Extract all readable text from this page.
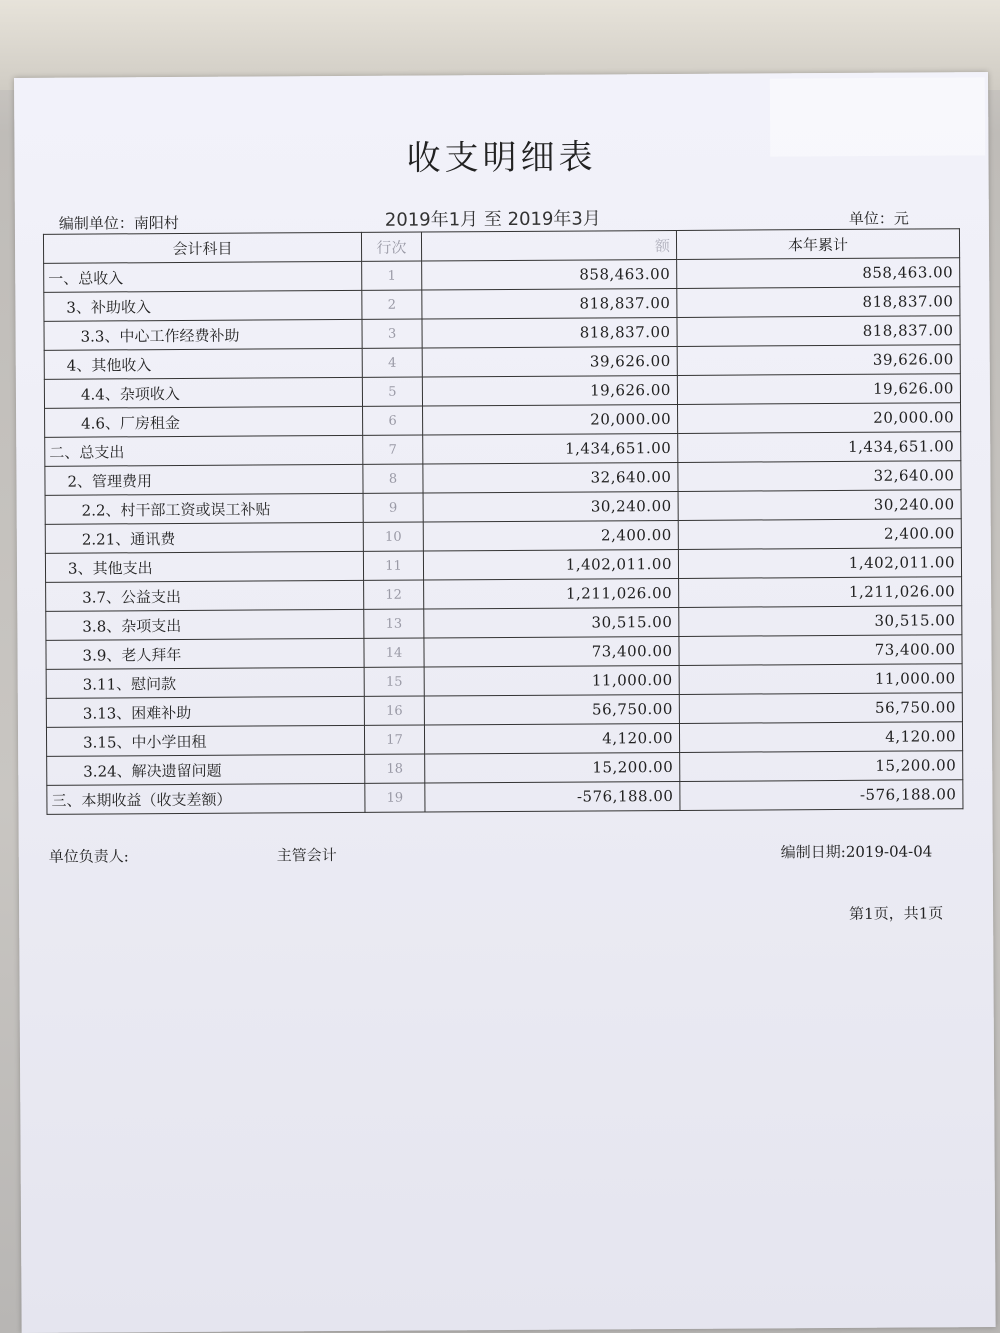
收支明细表
编制单位：南阳村	2019年1月 至 2019年3月	单位：元
会计科目	行次	额	本年累计
一、总收入	1	858,463.00	858,463.00
3、补助收入	2	818,837.00	818,837.00
3.3、中心工作经费补助	3	818,837.00	818,837.00
4、其他收入	4	39,626.00	39,626.00
4.4、杂项收入	5	19,626.00	19,626.00
4.6、厂房租金	6	20,000.00	20,000.00
二、总支出	7	1,434,651.00	1,434,651.00
2、管理费用	8	32,640.00	32,640.00
2.2、村干部工资或误工补贴	9	30,240.00	30,240.00
2.21、通讯费	10	2,400.00	2,400.00
3、其他支出	11	1,402,011.00	1,402,011.00
3.7、公益支出	12	1,211,026.00	1,211,026.00
3.8、杂项支出	13	30,515.00	30,515.00
3.9、老人拜年	14	73,400.00	73,400.00
3.11、慰问款	15	11,000.00	11,000.00
3.13、困难补助	16	56,750.00	56,750.00
3.15、中小学田租	17	4,120.00	4,120.00
3.24、解决遗留问题	18	15,200.00	15,200.00
三、本期收益（收支差额）	19	-576,188.00	-576,188.00
单位负责人:	主管会计	编制日期:2019-04-04
第1页，共1页
